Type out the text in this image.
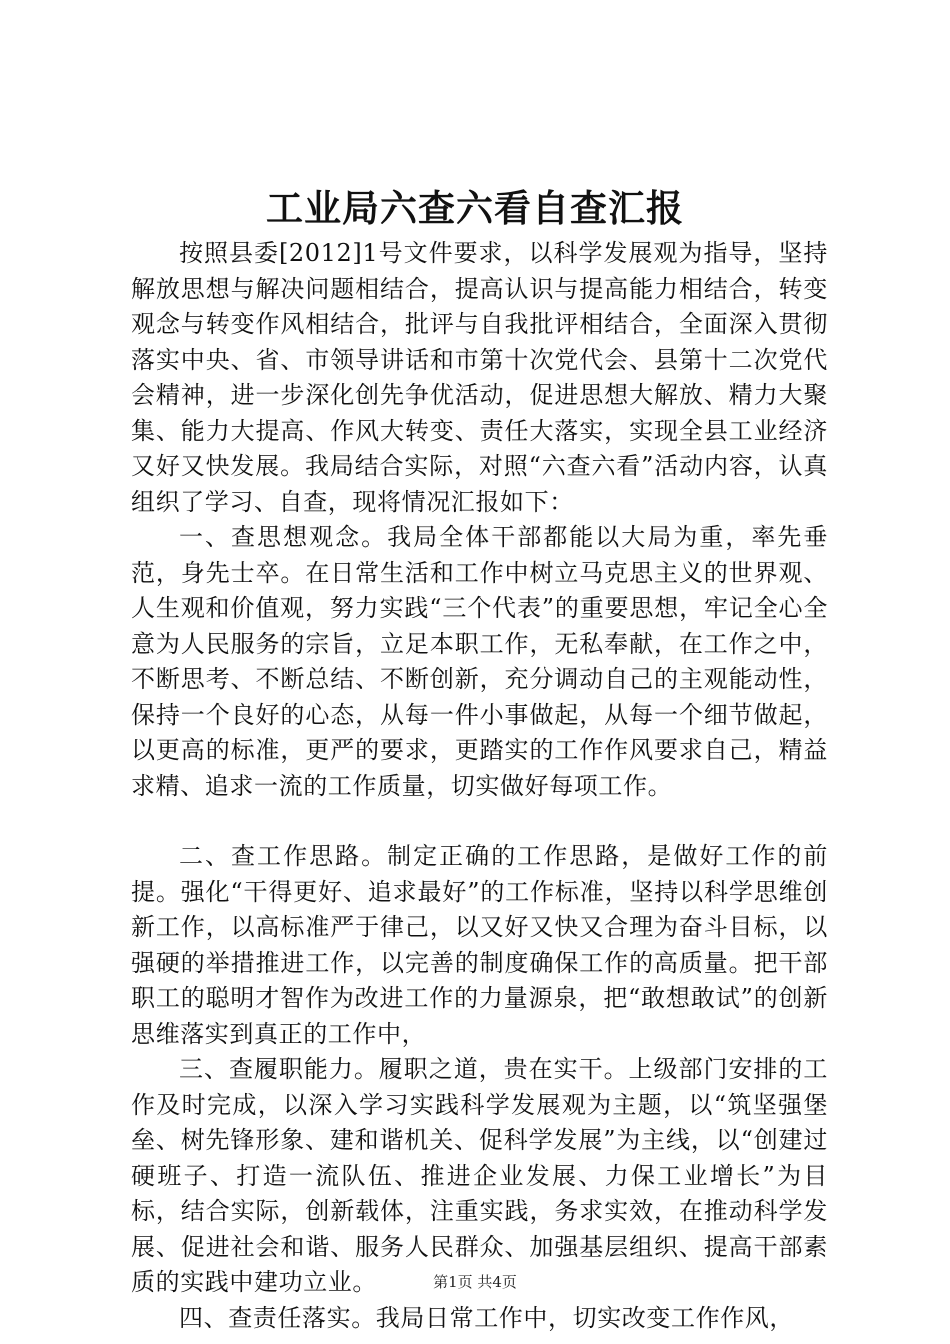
工业局六查六看自查汇报

按照县委[2012]1号文件要求，以科学发展观为指导，坚持解放思想与解决问题相结合，提高认识与提高能力相结合，转变观念与转变作风相结合，批评与自我批评相结合，全面深入贯彻落实中央、省、市领导讲话和市第十次党代会、县第十二次党代会精神，进一步深化创先争优活动，促进思想大解放、精力大聚集、能力大提高、作风大转变、责任大落实，实现全县工业经济又好又快发展。我局结合实际，对照“六查六看”活动内容，认真组织了学习、自查，现将情况汇报如下：

一、查思想观念。我局全体干部都能以大局为重，率先垂范，身先士卒。在日常生活和工作中树立马克思主义的世界观、人生观和价值观，努力实践“三个代表”的重要思想，牢记全心全意为人民服务的宗旨，立足本职工作，无私奉献，在工作之中，不断思考、不断总结、不断创新，充分调动自己的主观能动性，保持一个良好的心态，从每一件小事做起，从每一个细节做起，以更高的标准，更严的要求，更踏实的工作作风要求自己，精益求精、追求一流的工作质量，切实做好每项工作。

二、查工作思路。制定正确的工作思路，是做好工作的前提。强化“干得更好、追求最好”的工作标准，坚持以科学思维创新工作，以高标准严于律己，以又好又快又合理为奋斗目标，以强硬的举措推进工作，以完善的制度确保工作的高质量。把干部职工的聪明才智作为改进工作的力量源泉，把“敢想敢试”的创新思维落实到真正的工作中，

三、查履职能力。履职之道，贵在实干。上级部门安排的工作及时完成，以深入学习实践科学发展观为主题，以“筑坚强堡垒、树先锋形象、建和谐机关、促科学发展”为主线，以“创建过硬班子、打造一流队伍、推进企业发展、力保工业增长”为目标，结合实际，创新载体，注重实践，务求实效，在推动科学发展、促进社会和谐、服务人民群众、加强基层组织、提高干部素质的实践中建功立业。

四、查责任落实。我局日常工作中，切实改变工作作风，

第1页 共4页
